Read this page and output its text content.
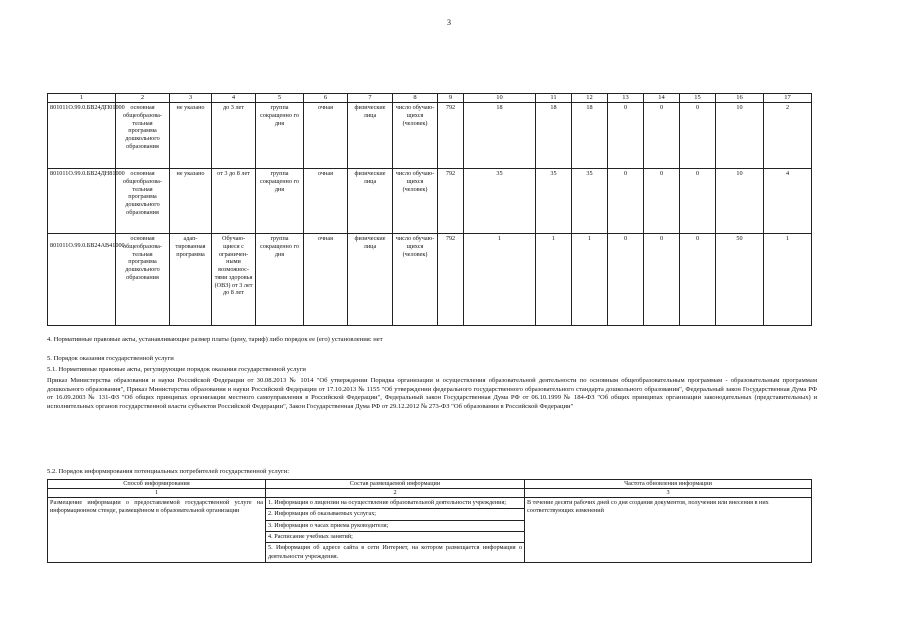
3
1	2	3	4	5	6	7	8	9	10	11	12	13	14	15	16	17
801011О.99.0.БВ24ДП01000	основная общеобразова-тельная программа дошкольного образования	не указано	до 3 лет	группа сокращенно го дня	очная	физические лица	число обучаю-щихся (человек)	792	18	18	18	0	0	0	10	2
801011О.99.0.БВ24ДН81000	основная общеобразова-тельная программа дошкольного образования	не указано	от 3 до 8 лет	группа сокращенно го дня	очная	физические лица	число обучаю-щихся (человек)	792	35	35	35	0	0	0	10	4
801011О.99.0.БВ24АВ41000	основная общеобразова-тельная программа дошкольного образования	адап-тированная программа	Обучаю-щиеся с ограничен-ными возможнос-тями здоровья (ОВЗ) от 3 лет до 8 лет	группа сокращенно го дня	очная	физические лица	число обучаю-щихся (человек)	792	1	1	1	0	0	0	50	1
4. Нормативные правовые акты, устанавливающие размер платы (цену, тариф) либо порядок ее (его) установления: нет
5. Порядок оказания государственной услуги
5.1. Нормативные правовые акты, регулирующие порядок оказания государственной услуги
Приказ Министерства образования и науки Российской Федерации от 30.08.2013 № 1014 "Об утверждении Порядка организации и осуществления образовательной деятельности по основным общеобразовательным программам - образовательным программам дошкольного образования", Приказ Министерства образования и науки Российской Федерации от 17.10.2013 № 1155 "Об утверждении федерального государственного образовательного стандарта дошкольного образования", Федеральный закон Государственная Дума РФ от 16.09.2003 № 131-ФЗ "Об общих принципах организации местного самоуправления в Российской Федерации", Федеральный закон Государственная Дума РФ от 06.10.1999 № 184-ФЗ "Об общих принципах организации законодательных (представительных) и исполнительных органов государственной власти субъектов Российской Федерации", Закон Государственная Дума РФ от 29.12.2012 № 273-ФЗ "Об образовании в Российской Федерации"
5.2. Порядок информирования потенциальных потребителей государственной услуги:
Способ информирования	Состав размещаемой информации	Частота обновления информации
1	2	3
Размещение информации о предоставляемой государственной услуге на информационном стенде, размещённом в образовательной организации	1. Информация о лицензии на осуществление образовательной деятельности учреждения;
2. Информация об оказываемых услугах;
3. Информация о часах приема руководителя;
4. Расписание учебных занятий;
5. Информация об адресе сайта в сети Интернет, на котором размещается информация о деятельности учреждения.	В течение десяти рабочих дней со дня создания документов, получения или внесения в них соответствующих изменений
